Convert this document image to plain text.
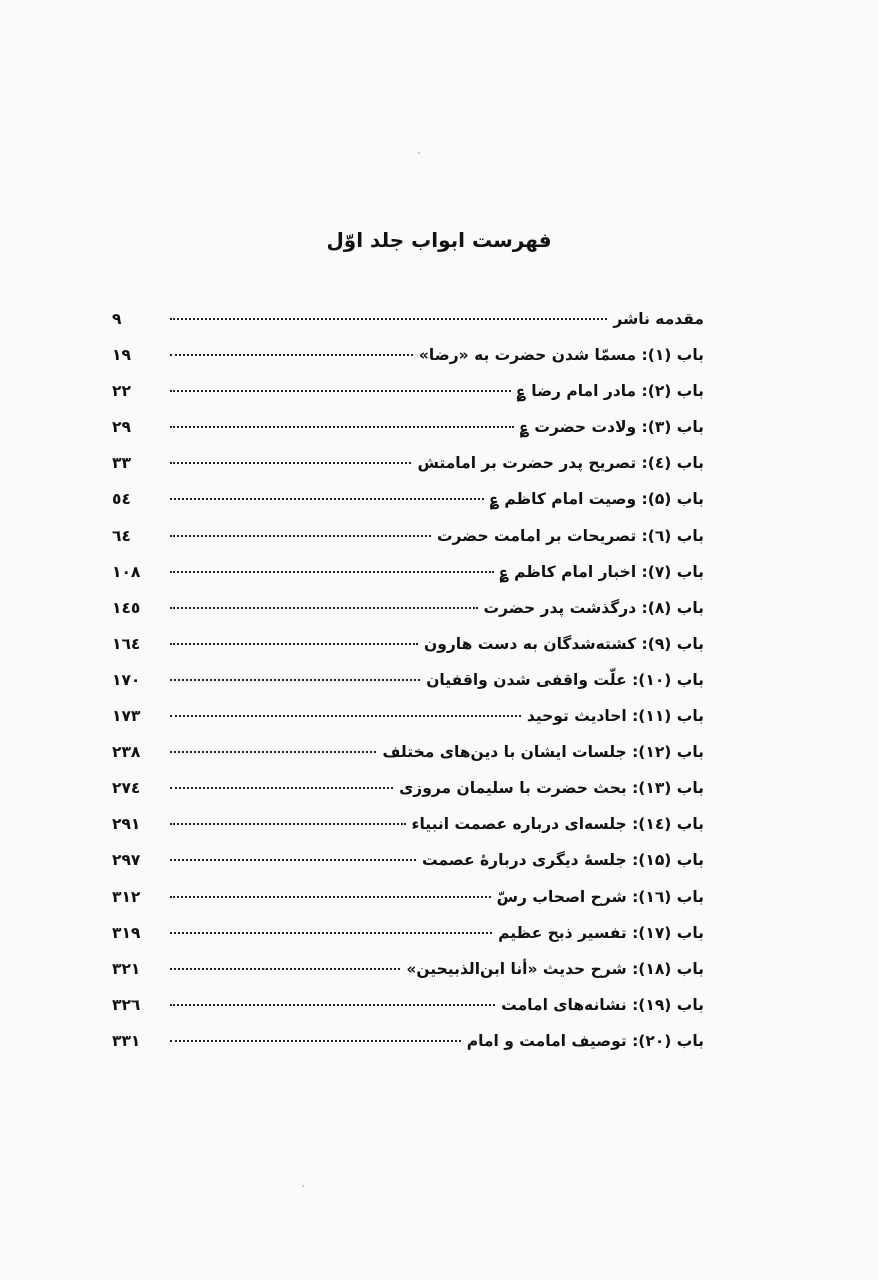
فهرست ابواب جلد اوّل
مقدمه ناشر
۹
باب (۱): مسمّا شدن حضرت به «رضا»
۱۹
باب (۲): مادر امام رضا ؏
۲۲
باب (۳): ولادت حضرت ؏
۲۹
باب (٤): تصریح پدر حضرت بر امامتش
۳۳
باب (۵): وصیت امام کاظم ؏
٥٤
باب (٦): تصریحات بر امامت حضرت
٦٤
باب (۷): اخبار امام کاظم ؏
۱۰۸
باب (۸): درگذشت پدر حضرت
۱٤٥
باب (۹): کشته‌شدگان به دست هارون
۱٦٤
باب (۱۰): علّت واقفی شدن واقفیان
۱۷۰
باب (۱۱): احادیث توحید
۱۷۳
باب (۱۲): جلسات ایشان با دین‌های مختلف
۲۳۸
باب (۱۳): بحث حضرت با سلیمان مروزی
۲۷٤
باب (١٤): جلسه‌ای درباره عصمت انبیاء
۲۹۱
باب (۱۵): جلسهٔ دیگری دربارهٔ عصمت
۲۹۷
باب (١٦): شرح اصحاب رسّ
۳۱۲
باب (۱۷): تفسیر ذبح عظیم
۳۱۹
باب (۱۸): شرح حدیث «أنا ابن‌الذبیحین»
۳۲۱
باب (۱۹): نشانه‌های امامت
۳۲٦
باب (۲۰): توصیف امامت و امام
۳۳۱
